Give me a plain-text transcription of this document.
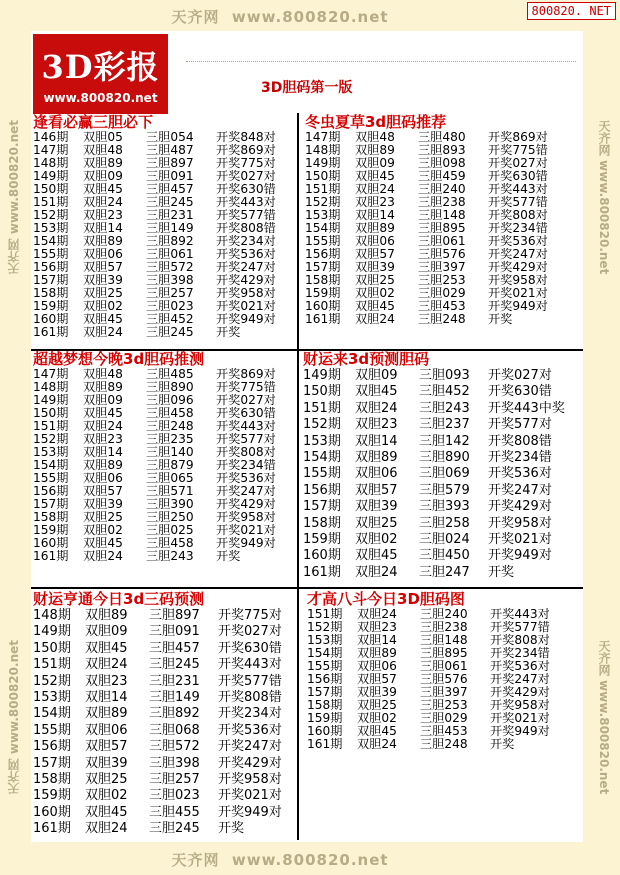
天齐网 www.800820.net	800820. NET
天齐网 www.800820.net
天齐网 www.800820.net
天齐网 www.800820.net
天齐网 www.800820.net
3D彩报
www.800820.net
3D胆码第一版
逢看必赢三胆必下
146期 双胆05 三胆054 开奖848对
147期 双胆48 三胆487 开奖869对
148期 双胆89 三胆897 开奖775对
149期 双胆09 三胆091 开奖027对
150期 双胆45 三胆457 开奖630错
151期 双胆24 三胆245 开奖443对
152期 双胆23 三胆231 开奖577错
153期 双胆14 三胆149 开奖808错
154期 双胆89 三胆892 开奖234对
155期 双胆06 三胆061 开奖536对
156期 双胆57 三胆572 开奖247对
157期 双胆39 三胆398 开奖429对
158期 双胆25 三胆257 开奖958对
159期 双胆02 三胆023 开奖021对
160期 双胆45 三胆452 开奖949对
161期 双胆24 三胆245 开奖
冬虫夏草3d胆码推荐
147期 双胆48 三胆480 开奖869对
148期 双胆89 三胆893 开奖775错
149期 双胆09 三胆098 开奖027对
150期 双胆45 三胆459 开奖630错
151期 双胆24 三胆240 开奖443对
152期 双胆23 三胆238 开奖577错
153期 双胆14 三胆148 开奖808对
154期 双胆89 三胆895 开奖234错
155期 双胆06 三胆061 开奖536对
156期 双胆57 三胆576 开奖247对
157期 双胆39 三胆397 开奖429对
158期 双胆25 三胆253 开奖958对
159期 双胆02 三胆029 开奖021对
160期 双胆45 三胆453 开奖949对
161期 双胆24 三胆248 开奖
超越梦想今晚3d胆码推测
147期 双胆48 三胆485 开奖869对
148期 双胆89 三胆890 开奖775错
149期 双胆09 三胆096 开奖027对
150期 双胆45 三胆458 开奖630错
151期 双胆24 三胆248 开奖443对
152期 双胆23 三胆235 开奖577对
153期 双胆14 三胆140 开奖808对
154期 双胆89 三胆879 开奖234错
155期 双胆06 三胆065 开奖536对
156期 双胆57 三胆571 开奖247对
157期 双胆39 三胆390 开奖429对
158期 双胆25 三胆250 开奖958对
159期 双胆02 三胆025 开奖021对
160期 双胆45 三胆458 开奖949对
161期 双胆24 三胆243 开奖
财运来3d预测胆码
149期 双胆09 三胆093 开奖027对
150期 双胆45 三胆452 开奖630错
151期 双胆24 三胆243 开奖443中奖
152期 双胆23 三胆237 开奖577对
153期 双胆14 三胆142 开奖808错
154期 双胆89 三胆890 开奖234错
155期 双胆06 三胆069 开奖536对
156期 双胆57 三胆579 开奖247对
157期 双胆39 三胆393 开奖429对
158期 双胆25 三胆258 开奖958对
159期 双胆02 三胆024 开奖021对
160期 双胆45 三胆450 开奖949对
161期 双胆24 三胆247 开奖
财运亨通今日3d三码预测
148期 双胆89 三胆897 开奖775对
149期 双胆09 三胆091 开奖027对
150期 双胆45 三胆457 开奖630错
151期 双胆24 三胆245 开奖443对
152期 双胆23 三胆231 开奖577错
153期 双胆14 三胆149 开奖808错
154期 双胆89 三胆892 开奖234对
155期 双胆06 三胆068 开奖536对
156期 双胆57 三胆572 开奖247对
157期 双胆39 三胆398 开奖429对
158期 双胆25 三胆257 开奖958对
159期 双胆02 三胆023 开奖021对
160期 双胆45 三胆455 开奖949对
161期 双胆24 三胆245 开奖
才高八斗今日3D胆码图
151期 双胆24 三胆240 开奖443对
152期 双胆23 三胆238 开奖577错
153期 双胆14 三胆148 开奖808对
154期 双胆89 三胆895 开奖234错
155期 双胆06 三胆061 开奖536对
156期 双胆57 三胆576 开奖247对
157期 双胆39 三胆397 开奖429对
158期 双胆25 三胆253 开奖958对
159期 双胆02 三胆029 开奖021对
160期 双胆45 三胆453 开奖949对
161期 双胆24 三胆248 开奖
天齐网 www.800820.net
